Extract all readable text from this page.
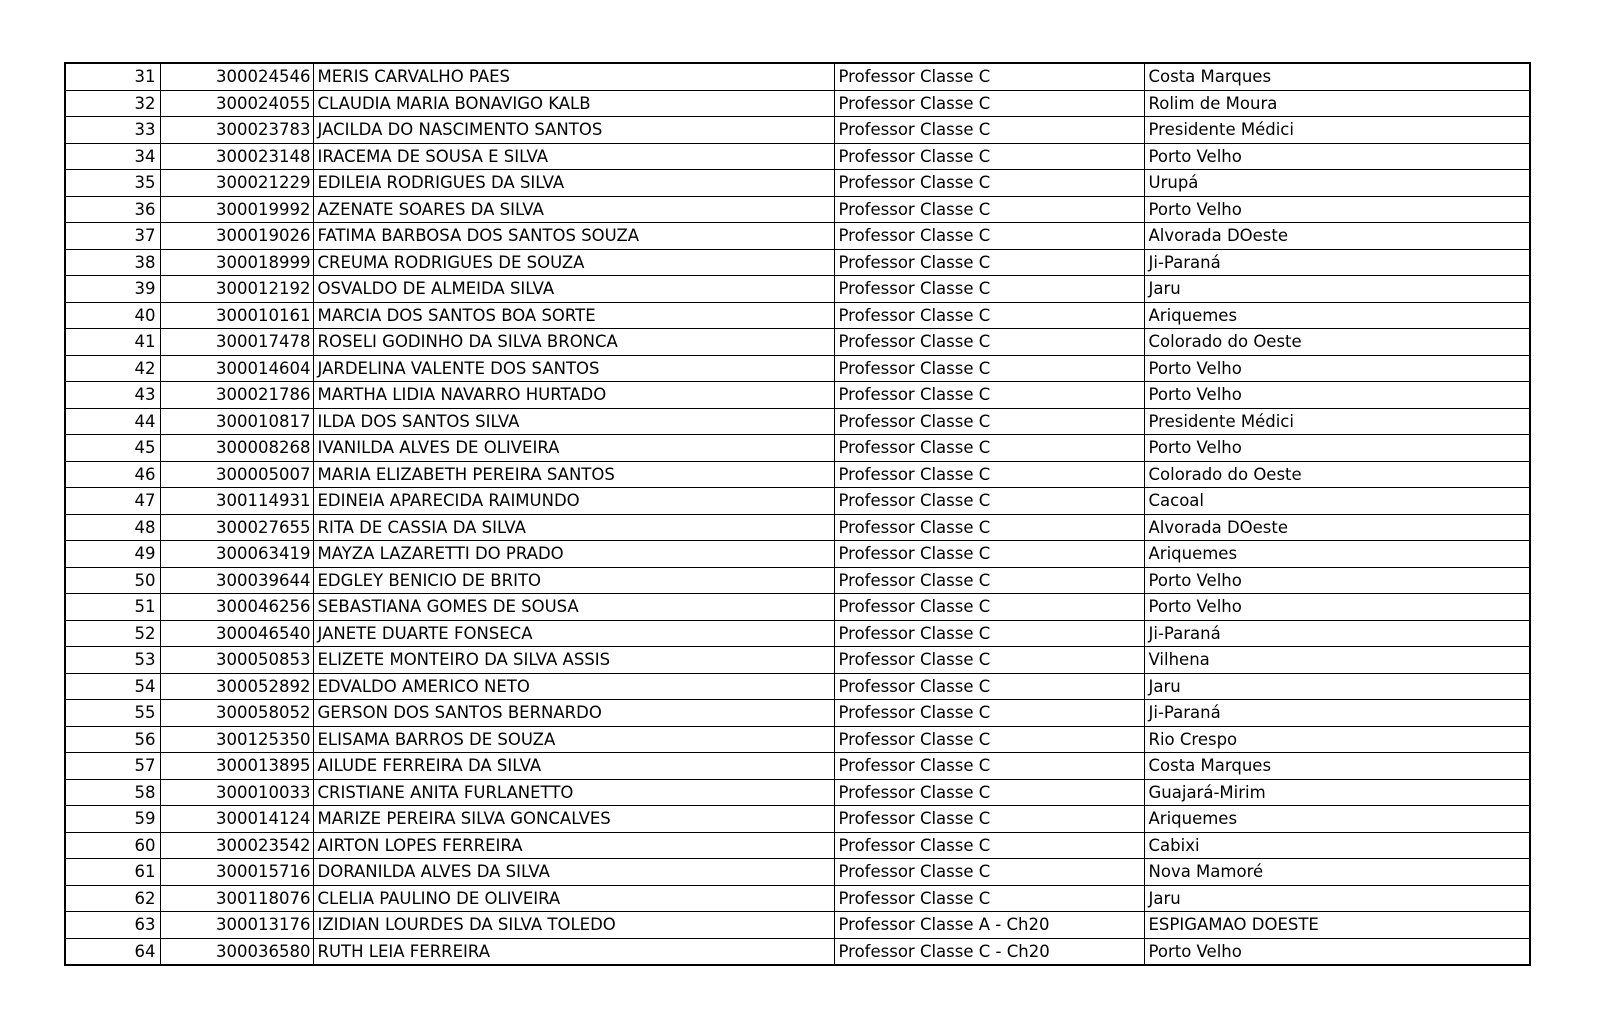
31	300024546	MERIS CARVALHO PAES	Professor Classe C	Costa Marques
32	300024055	CLAUDIA MARIA BONAVIGO KALB	Professor Classe C	Rolim de Moura
33	300023783	JACILDA DO NASCIMENTO SANTOS	Professor Classe C	Presidente Médici
34	300023148	IRACEMA DE SOUSA E SILVA	Professor Classe C	Porto Velho
35	300021229	EDILEIA RODRIGUES DA SILVA	Professor Classe C	Urupá
36	300019992	AZENATE SOARES DA SILVA	Professor Classe C	Porto Velho
37	300019026	FATIMA BARBOSA DOS SANTOS SOUZA	Professor Classe C	Alvorada DOeste
38	300018999	CREUMA RODRIGUES DE SOUZA	Professor Classe C	Ji-Paraná
39	300012192	OSVALDO DE ALMEIDA SILVA	Professor Classe C	Jaru
40	300010161	MARCIA DOS SANTOS BOA SORTE	Professor Classe C	Ariquemes
41	300017478	ROSELI GODINHO DA SILVA BRONCA	Professor Classe C	Colorado do Oeste
42	300014604	JARDELINA VALENTE DOS SANTOS	Professor Classe C	Porto Velho
43	300021786	MARTHA LIDIA NAVARRO HURTADO	Professor Classe C	Porto Velho
44	300010817	ILDA DOS SANTOS SILVA	Professor Classe C	Presidente Médici
45	300008268	IVANILDA ALVES DE OLIVEIRA	Professor Classe C	Porto Velho
46	300005007	MARIA ELIZABETH PEREIRA SANTOS	Professor Classe C	Colorado do Oeste
47	300114931	EDINEIA APARECIDA RAIMUNDO	Professor Classe C	Cacoal
48	300027655	RITA DE CASSIA DA SILVA	Professor Classe C	Alvorada DOeste
49	300063419	MAYZA LAZARETTI DO PRADO	Professor Classe C	Ariquemes
50	300039644	EDGLEY BENICIO DE BRITO	Professor Classe C	Porto Velho
51	300046256	SEBASTIANA GOMES DE SOUSA	Professor Classe C	Porto Velho
52	300046540	JANETE DUARTE FONSECA	Professor Classe C	Ji-Paraná
53	300050853	ELIZETE MONTEIRO DA SILVA ASSIS	Professor Classe C	Vilhena
54	300052892	EDVALDO AMERICO NETO	Professor Classe C	Jaru
55	300058052	GERSON DOS SANTOS BERNARDO	Professor Classe C	Ji-Paraná
56	300125350	ELISAMA BARROS DE SOUZA	Professor Classe C	Rio Crespo
57	300013895	AILUDE FERREIRA DA SILVA	Professor Classe C	Costa Marques
58	300010033	CRISTIANE ANITA FURLANETTO	Professor Classe C	Guajará-Mirim
59	300014124	MARIZE PEREIRA SILVA GONCALVES	Professor Classe C	Ariquemes
60	300023542	AIRTON LOPES FERREIRA	Professor Classe C	Cabixi
61	300015716	DORANILDA ALVES DA SILVA	Professor Classe C	Nova Mamoré
62	300118076	CLELIA PAULINO DE OLIVEIRA	Professor Classe C	Jaru
63	300013176	IZIDIAN LOURDES DA SILVA TOLEDO	Professor Classe A - Ch20	ESPIGAMAO DOESTE
64	300036580	RUTH LEIA FERREIRA	Professor Classe C - Ch20	Porto Velho
